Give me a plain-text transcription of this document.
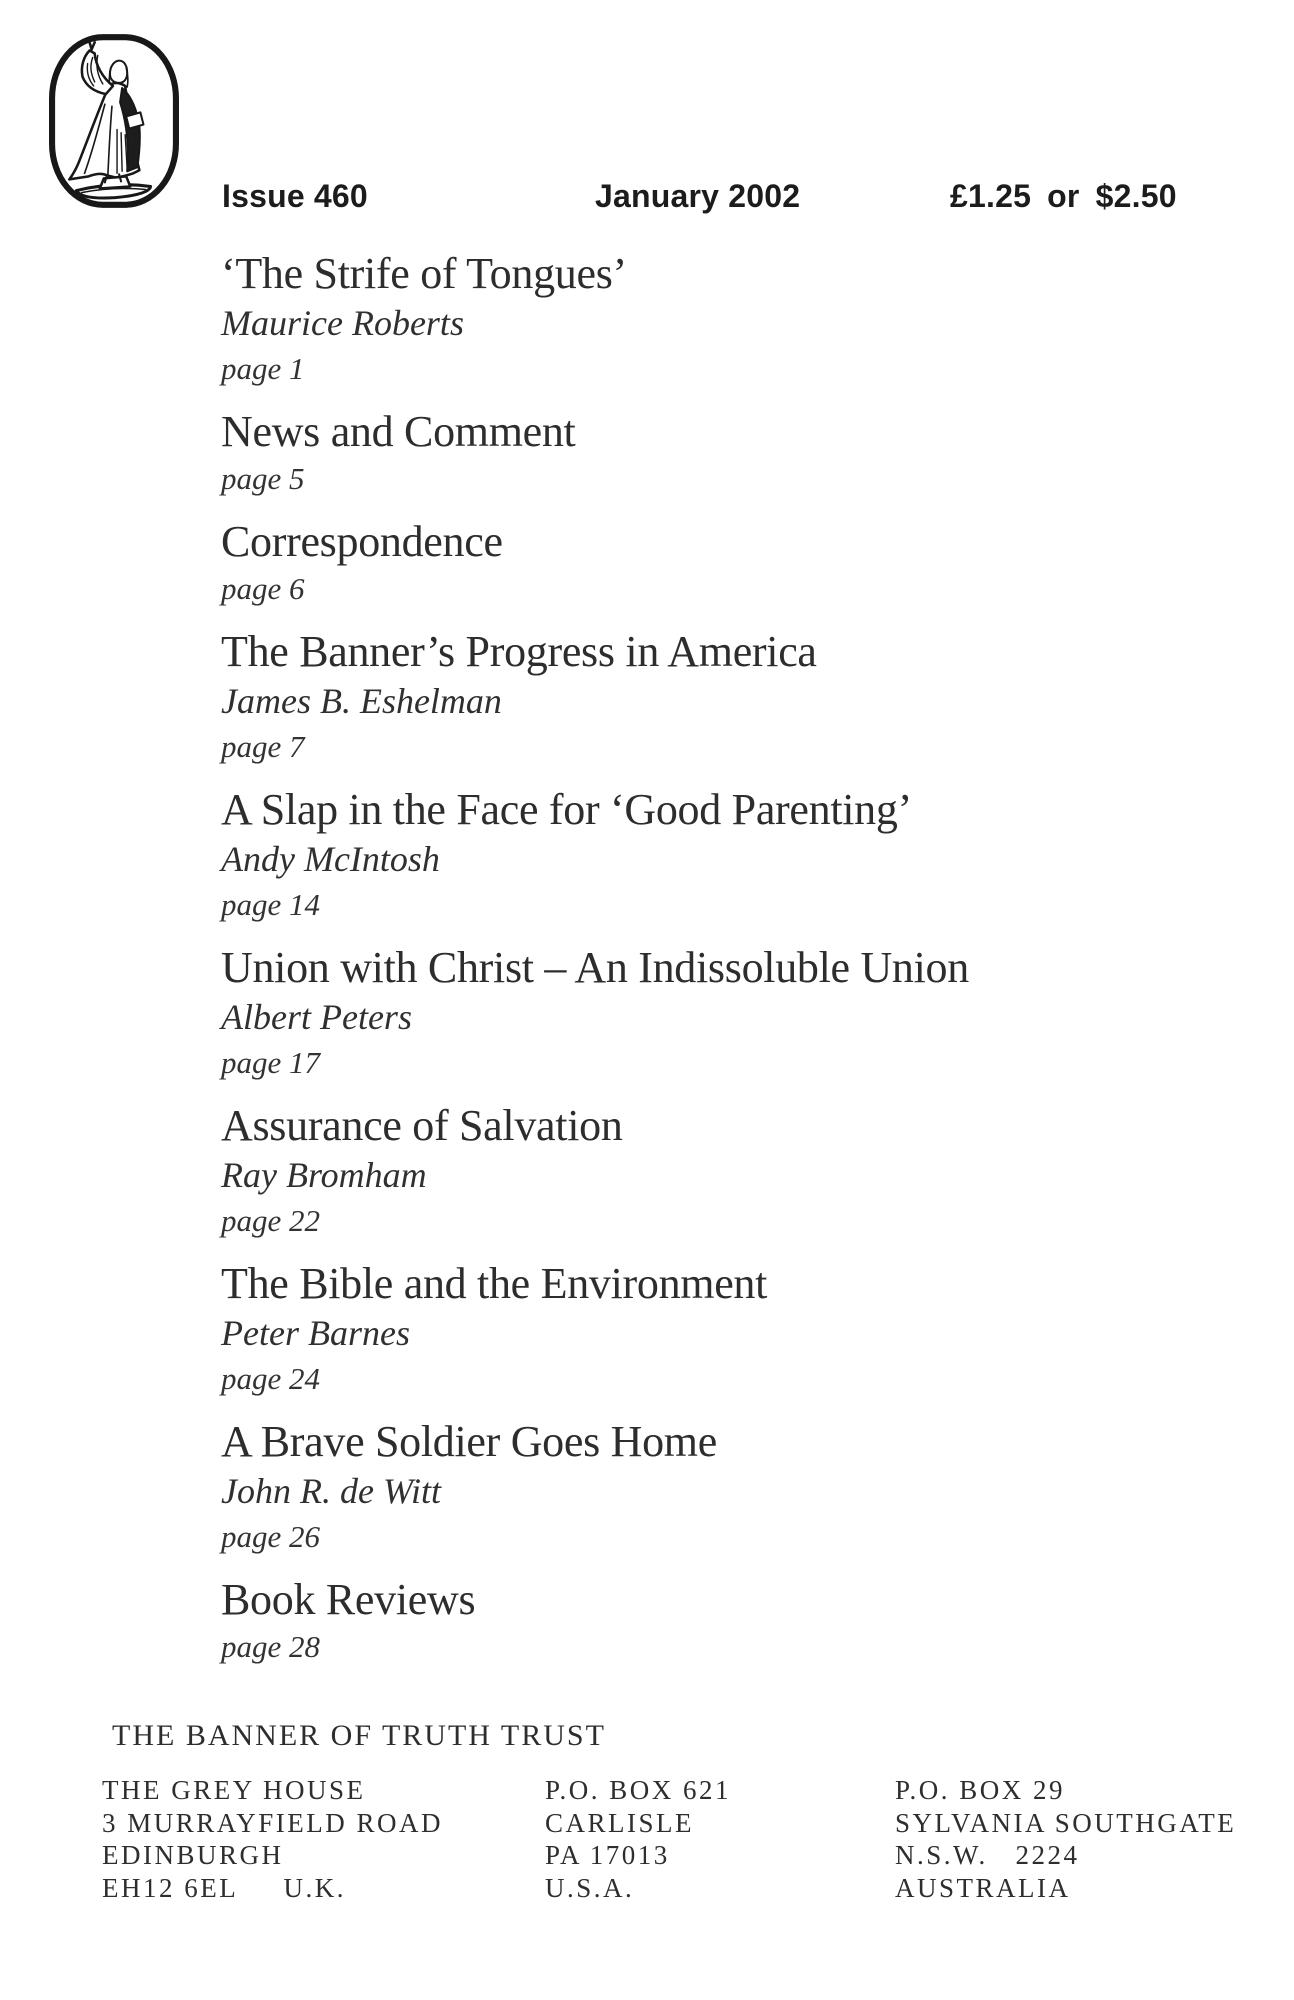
Issue 460	January 2002	£1.25 or $2.50
‘The Strife of Tongues’
Maurice Roberts
page 1
News and Comment
page 5
Correspondence
page 6
The Banner’s Progress in America
James B. Eshelman
page 7
A Slap in the Face for ‘Good Parenting’
Andy McIntosh
page 14
Union with Christ – An Indissoluble Union
Albert Peters
page 17
Assurance of Salvation
Ray Bromham
page 22
The Bible and the Environment
Peter Barnes
page 24
A Brave Soldier Goes Home
John R. de Witt
page 26
Book Reviews
page 28
THE BANNER OF TRUTH TRUST
THE GREY HOUSE
3 MURRAYFIELD ROAD
EDINBURGH
EH12 6EL     U.K.
P.O. BOX 621
CARLISLE
PA 17013
U.S.A.
P.O. BOX 29
SYLVANIA SOUTHGATE
N.S.W.   2224
AUSTRALIA
